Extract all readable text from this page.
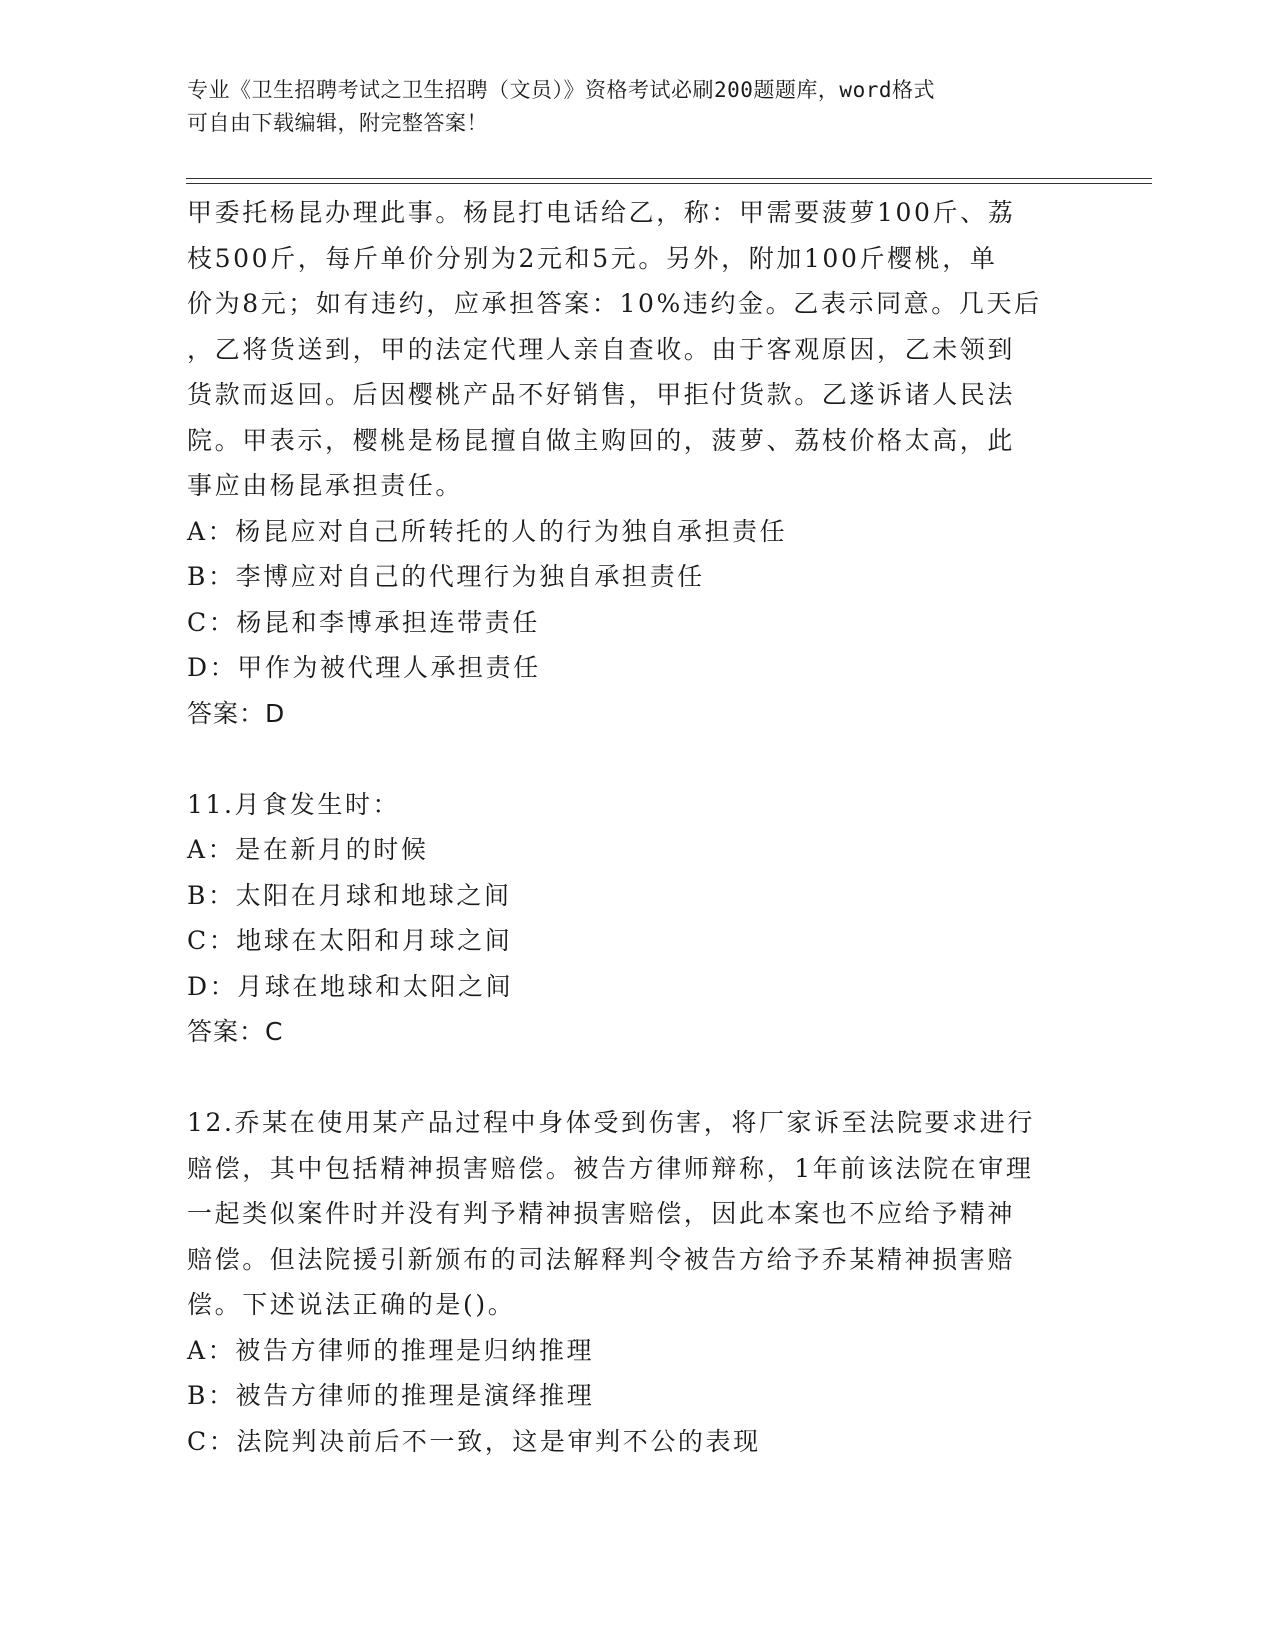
专业《卫生招聘考试之卫生招聘（文员）》资格考试必刷200题题库，word格式
可自由下载编辑，附完整答案！
甲委托杨昆办理此事。杨昆打电话给乙，称：甲需要菠萝100斤、荔
枝500斤，每斤单价分别为2元和5元。另外，附加100斤樱桃，单
价为8元；如有违约，应承担答案：10%违约金。乙表示同意。几天后
，乙将货送到，甲的法定代理人亲自查收。由于客观原因，乙未领到
货款而返回。后因樱桃产品不好销售，甲拒付货款。乙遂诉诸人民法
院。甲表示，樱桃是杨昆擅自做主购回的，菠萝、荔枝价格太高，此
事应由杨昆承担责任。
A：杨昆应对自己所转托的人的行为独自承担责任
B：李博应对自己的代理行为独自承担责任
C：杨昆和李博承担连带责任
D：甲作为被代理人承担责任
答案：D
11.月食发生时：
A：是在新月的时候
B：太阳在月球和地球之间
C：地球在太阳和月球之间
D：月球在地球和太阳之间
答案：C
12.乔某在使用某产品过程中身体受到伤害，将厂家诉至法院要求进行
赔偿，其中包括精神损害赔偿。被告方律师辩称，1年前该法院在审理
一起类似案件时并没有判予精神损害赔偿，因此本案也不应给予精神
赔偿。但法院援引新颁布的司法解释判令被告方给予乔某精神损害赔
偿。下述说法正确的是()。
A：被告方律师的推理是归纳推理
B：被告方律师的推理是演绎推理
C：法院判决前后不一致，这是审判不公的表现
